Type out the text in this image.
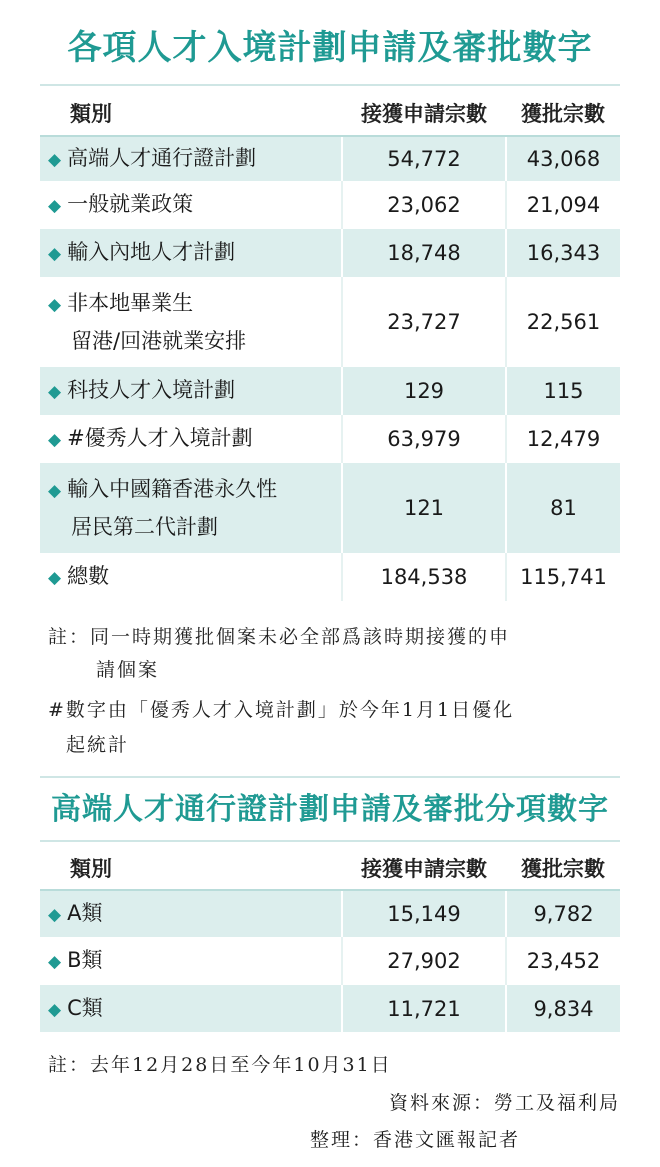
各項人才入境計劃申請及審批數字
類別	接獲申請宗數	獲批宗數
◆ 高端人才通行證計劃	54,772	43,068
◆ 一般就業政策	23,062	21,094
◆ 輸入內地人才計劃	18,748	16,343
◆ 非本地畢業生
留港/回港就業安排	23,727	22,561
◆ 科技人才入境計劃	129	115
◆ #優秀人才入境計劃	63,979	12,479
◆ 輸入中國籍香港永久性
居民第二代計劃	121	81
◆ 總數	184,538	115,741
註：同一時期獲批個案未必全部爲該時期接獲的申
請個案
#數字由「優秀人才入境計劃」於今年1月1日優化
起統計
高端人才通行證計劃申請及審批分項數字
類別	接獲申請宗數	獲批宗數
◆ A類	15,149	9,782
◆ B類	27,902	23,452
◆ C類	11,721	9,834
註：去年12月28日至今年10月31日
資料來源：勞工及福利局
整理：香港文匯報記者
